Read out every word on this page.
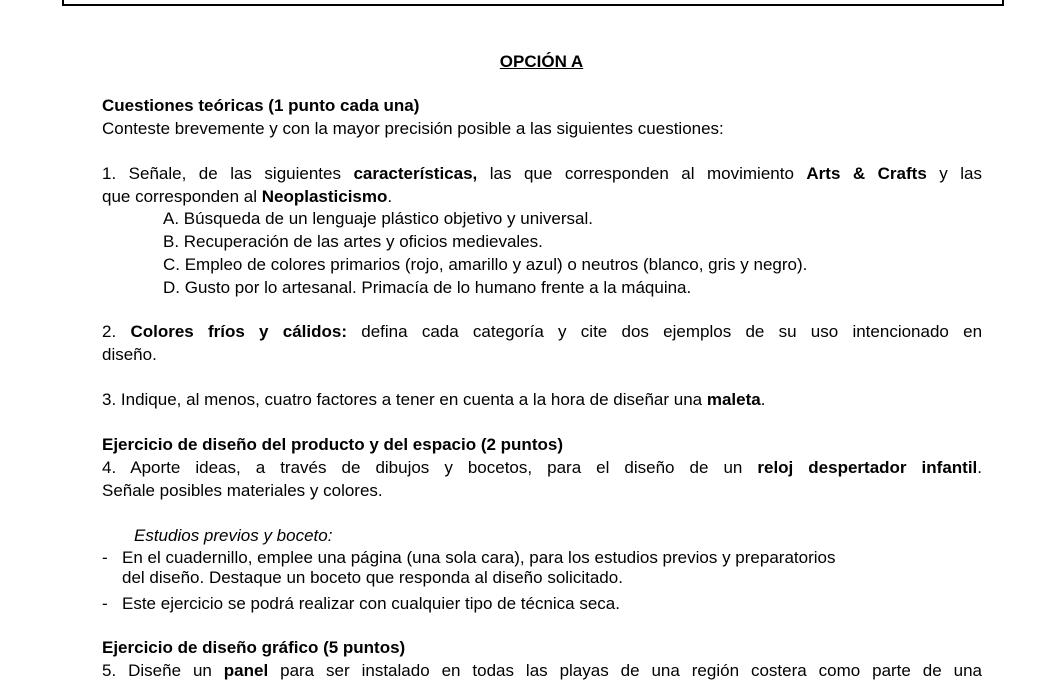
OPCIÓN A
Cuestiones teóricas (1 punto cada una)
Conteste brevemente y con la mayor precisión posible a las siguientes cuestiones:
1. Señale, de las siguientes características, las que corresponden al movimiento Arts & Crafts y las
que corresponden al Neoplasticismo.
A. Búsqueda de un lenguaje plástico objetivo y universal.
B. Recuperación de las artes y oficios medievales.
C. Empleo de colores primarios (rojo, amarillo y azul) o neutros (blanco, gris y negro).
D. Gusto por lo artesanal. Primacía de lo humano frente a la máquina.
2. Colores fríos y cálidos: defina cada categoría y cite dos ejemplos de su uso intencionado en
diseño.
3. Indique, al menos, cuatro factores a tener en cuenta a la hora de diseñar una maleta.
Ejercicio de diseño del producto y del espacio (2 puntos)
4. Aporte ideas, a través de dibujos y bocetos, para el diseño de un reloj despertador infantil.
Señale posibles materiales y colores.
Estudios previos y boceto:
- En el cuadernillo, emplee una página (una sola cara), para los estudios previos y preparatorios
del diseño. Destaque un boceto que responda al diseño solicitado.
- Este ejercicio se podrá realizar con cualquier tipo de técnica seca.
Ejercicio de diseño gráfico (5 puntos)
5. Diseñe un panel para ser instalado en todas las playas de una región costera como parte de una
